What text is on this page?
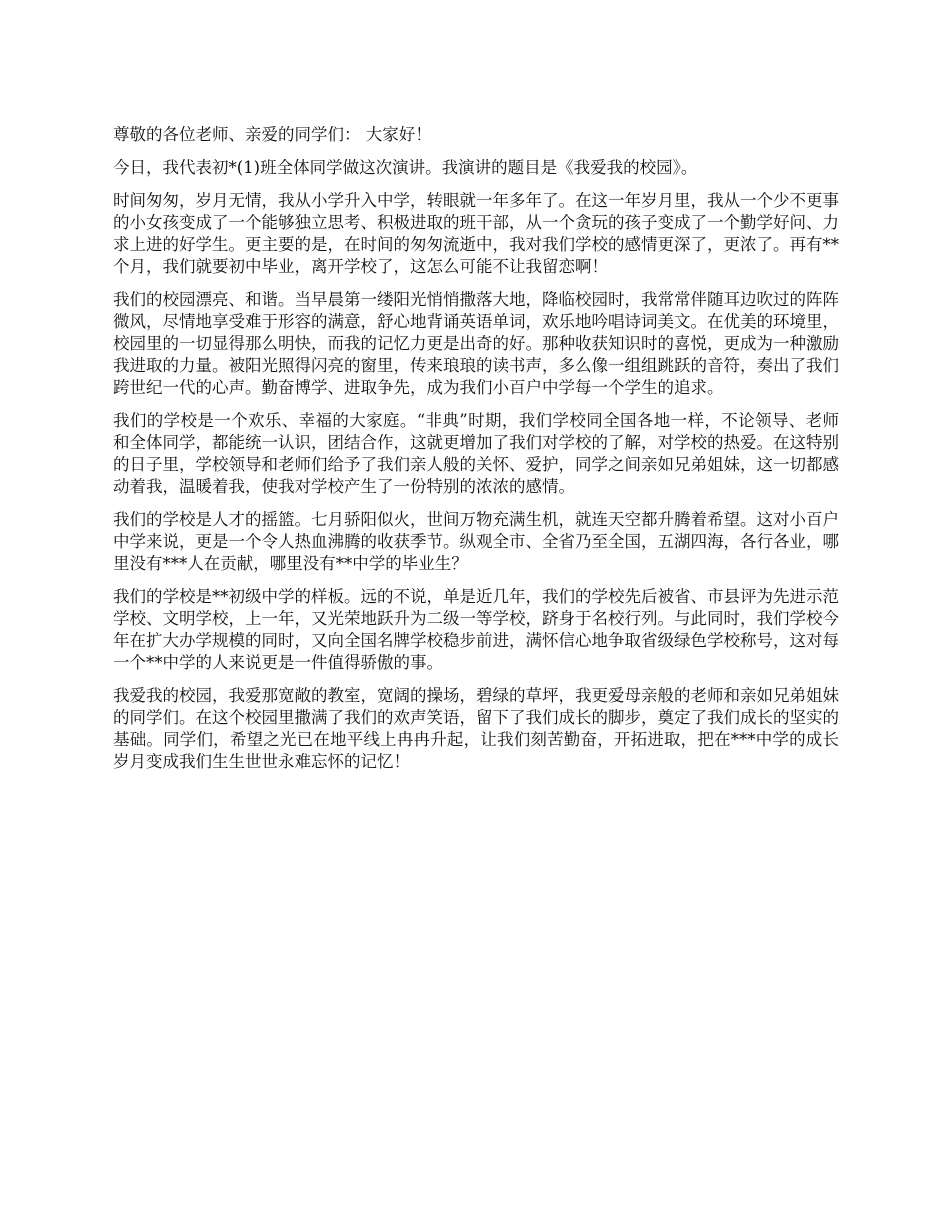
尊敬的各位老师、亲爱的同学们： 大家好！

今日，我代表初*(1)班全体同学做这次演讲。我演讲的题目是《我爱我的校园》。

时间匆匆，岁月无情，我从小学升入中学，转眼就一年多年了。在这一年岁月里，我从一个少不更事的小女孩变成了一个能够独立思考、积极进取的班干部，从一个贪玩的孩子变成了一个勤学好问、力求上进的好学生。更主要的是，在时间的匆匆流逝中，我对我们学校的感情更深了，更浓了。再有**个月，我们就要初中毕业，离开学校了，这怎么可能不让我留恋啊！

我们的校园漂亮、和谐。当早晨第一缕阳光悄悄撒落大地，降临校园时，我常常伴随耳边吹过的阵阵微风，尽情地享受难于形容的满意，舒心地背诵英语单词，欢乐地吟唱诗词美文。在优美的环境里，校园里的一切显得那么明快，而我的记忆力更是出奇的好。那种收获知识时的喜悦，更成为一种激励我进取的力量。被阳光照得闪亮的窗里，传来琅琅的读书声，多么像一组组跳跃的音符，奏出了我们跨世纪一代的心声。勤奋博学、进取争先，成为我们小百户中学每一个学生的追求。

我们的学校是一个欢乐、幸福的大家庭。“非典”时期，我们学校同全国各地一样，不论领导、老师和全体同学，都能统一认识，团结合作，这就更增加了我们对学校的了解，对学校的热爱。在这特别的日子里，学校领导和老师们给予了我们亲人般的关怀、爱护，同学之间亲如兄弟姐妹，这一切都感动着我，温暖着我，使我对学校产生了一份特别的浓浓的感情。

我们的学校是人才的摇篮。七月骄阳似火，世间万物充满生机，就连天空都升腾着希望。这对小百户中学来说，更是一个令人热血沸腾的收获季节。纵观全市、全省乃至全国，五湖四海，各行各业，哪里没有***人在贡献，哪里没有**中学的毕业生？

我们的学校是**初级中学的样板。远的不说，单是近几年，我们的学校先后被省、市县评为先进示范学校、文明学校，上一年，又光荣地跃升为二级一等学校，跻身于名校行列。与此同时，我们学校今年在扩大办学规模的同时，又向全国名牌学校稳步前进，满怀信心地争取省级绿色学校称号，这对每一个**中学的人来说更是一件值得骄傲的事。

我爱我的校园，我爱那宽敞的教室，宽阔的操场，碧绿的草坪，我更爱母亲般的老师和亲如兄弟姐妹的同学们。在这个校园里撒满了我们的欢声笑语，留下了我们成长的脚步，奠定了我们成长的坚实的基础。同学们，希望之光已在地平线上冉冉升起，让我们刻苦勤奋，开拓进取，把在***中学的成长岁月变成我们生生世世永难忘怀的记忆！
